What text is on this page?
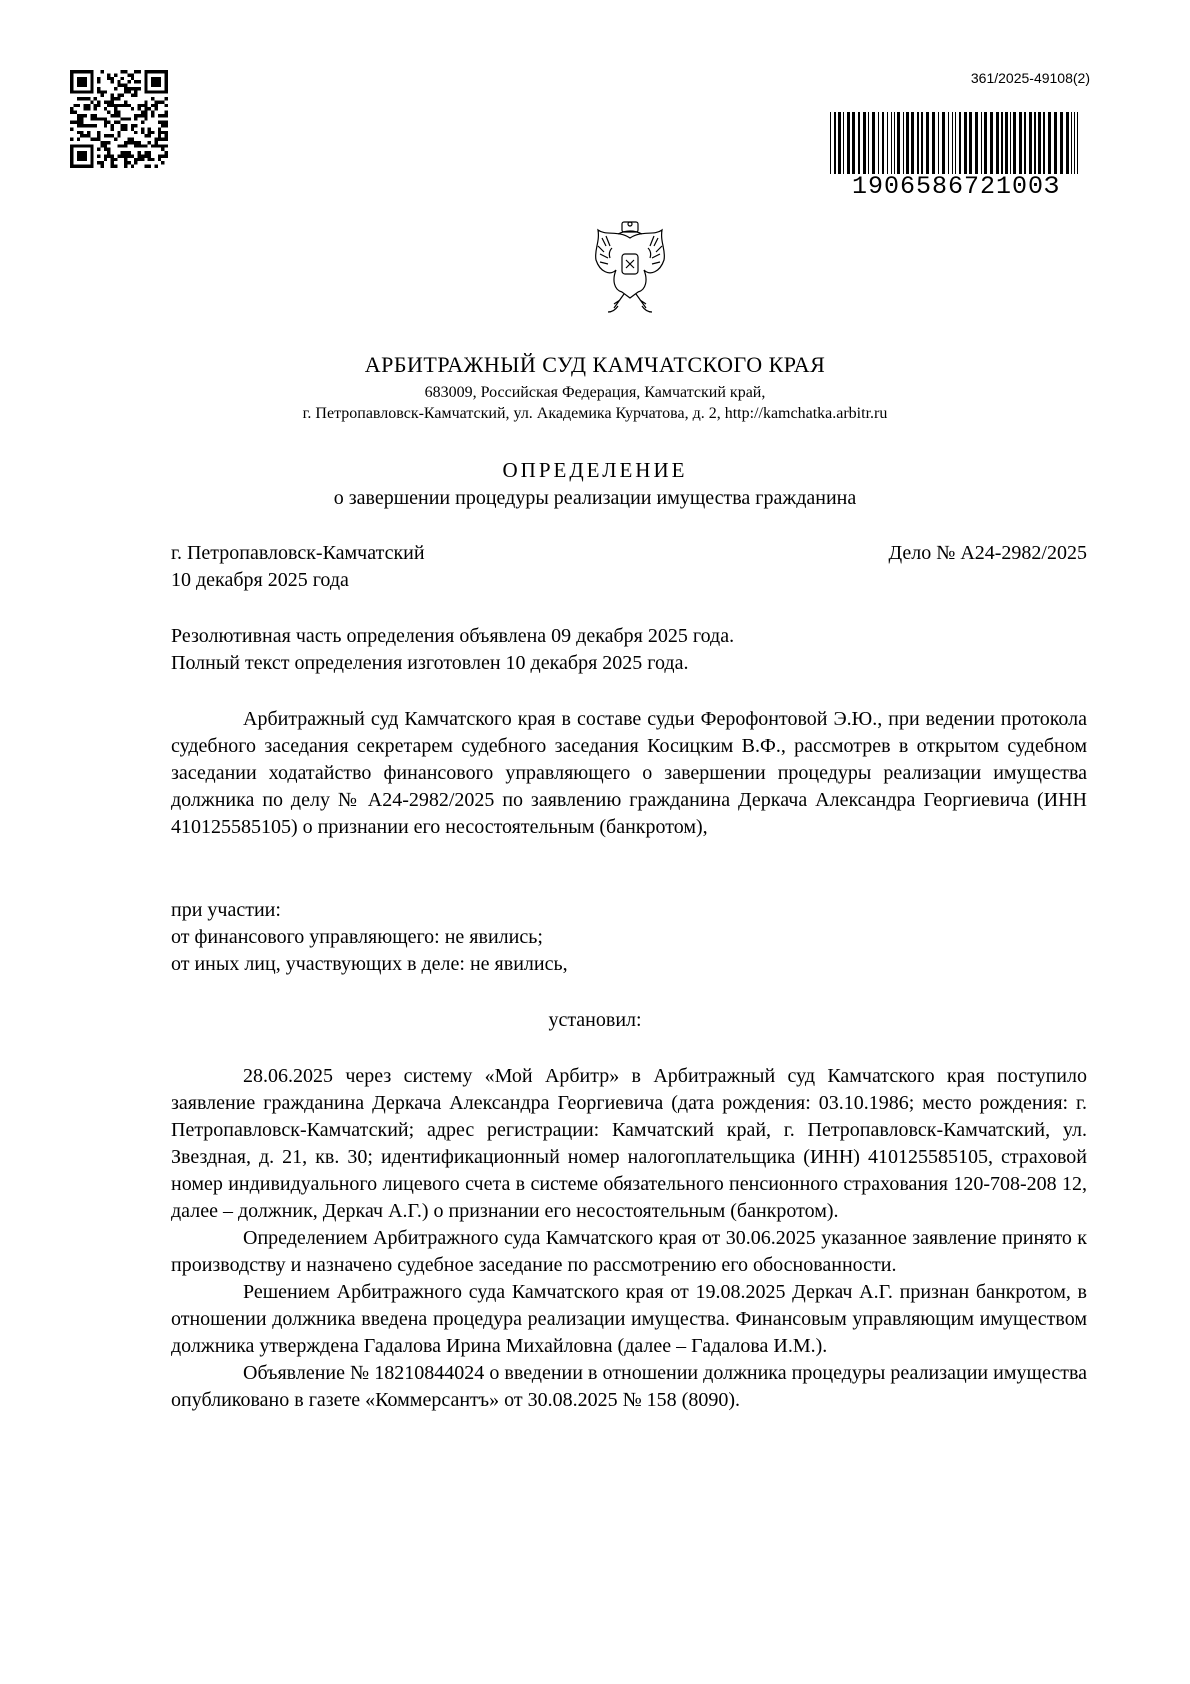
361/2025-49108(2)
190658672100З
АРБИТРАЖНЫЙ СУД КАМЧАТСКОГО КРАЯ
683009, Российская Федерация, Камчатский край,
г. Петропавловск-Камчатский, ул. Академика Курчатова, д. 2, http://kamchatka.arbitr.ru
ОПРЕДЕЛЕНИЕ
о завершении процедуры реализации имущества гражданина
г. Петропавловск-Камчатский	Дело № А24-2982/2025
10 декабря 2025 года

Резолютивная часть определения объявлена 09 декабря 2025 года.

Полный текст определения изготовлен 10 декабря 2025 года.

Арбитражный суд Камчатского края в составе судьи Ферофонтовой Э.Ю., при ведении протокола судебного заседания секретарем судебного заседания Косицким В.Ф., рассмотрев в открытом судебном заседании ходатайство финансового управляющего о завершении процедуры реализации имущества должника по делу № А24-2982/2025 по заявлению гражданина Деркача Александра Георгиевича (ИНН 410125585105) о признании его несостоятельным (банкротом),

при участии:

от финансового управляющего: не явились;

от иных лиц, участвующих в деле: не явились,

установил:

28.06.2025 через систему «Мой Арбитр» в Арбитражный суд Камчатского края поступило заявление гражданина Деркача Александра Георгиевича (дата рождения: 03.10.1986; место рождения: г. Петропавловск-Камчатский; адрес регистрации: Камчатский край, г. Петропавловск-Камчатский, ул. Звездная, д. 21, кв. 30; идентификационный номер налогоплательщика (ИНН) 410125585105, страховой номер индивидуального лицевого счета в системе обязательного пенсионного страхования 120-708-208 12, далее – должник, Деркач А.Г.) о признании его несостоятельным (банкротом).

Определением Арбитражного суда Камчатского края от 30.06.2025 указанное заявление принято к производству и назначено судебное заседание по рассмотрению его обоснованности.

Решением Арбитражного суда Камчатского края от 19.08.2025 Деркач А.Г. признан банкротом, в отношении должника введена процедура реализации имущества. Финансовым управляющим имуществом должника утверждена Гадалова Ирина Михайловна (далее – Гадалова И.М.).

Объявление № 18210844024 о введении в отношении должника процедуры реализации имущества опубликовано в газете «Коммерсантъ» от 30.08.2025 № 158 (8090).
